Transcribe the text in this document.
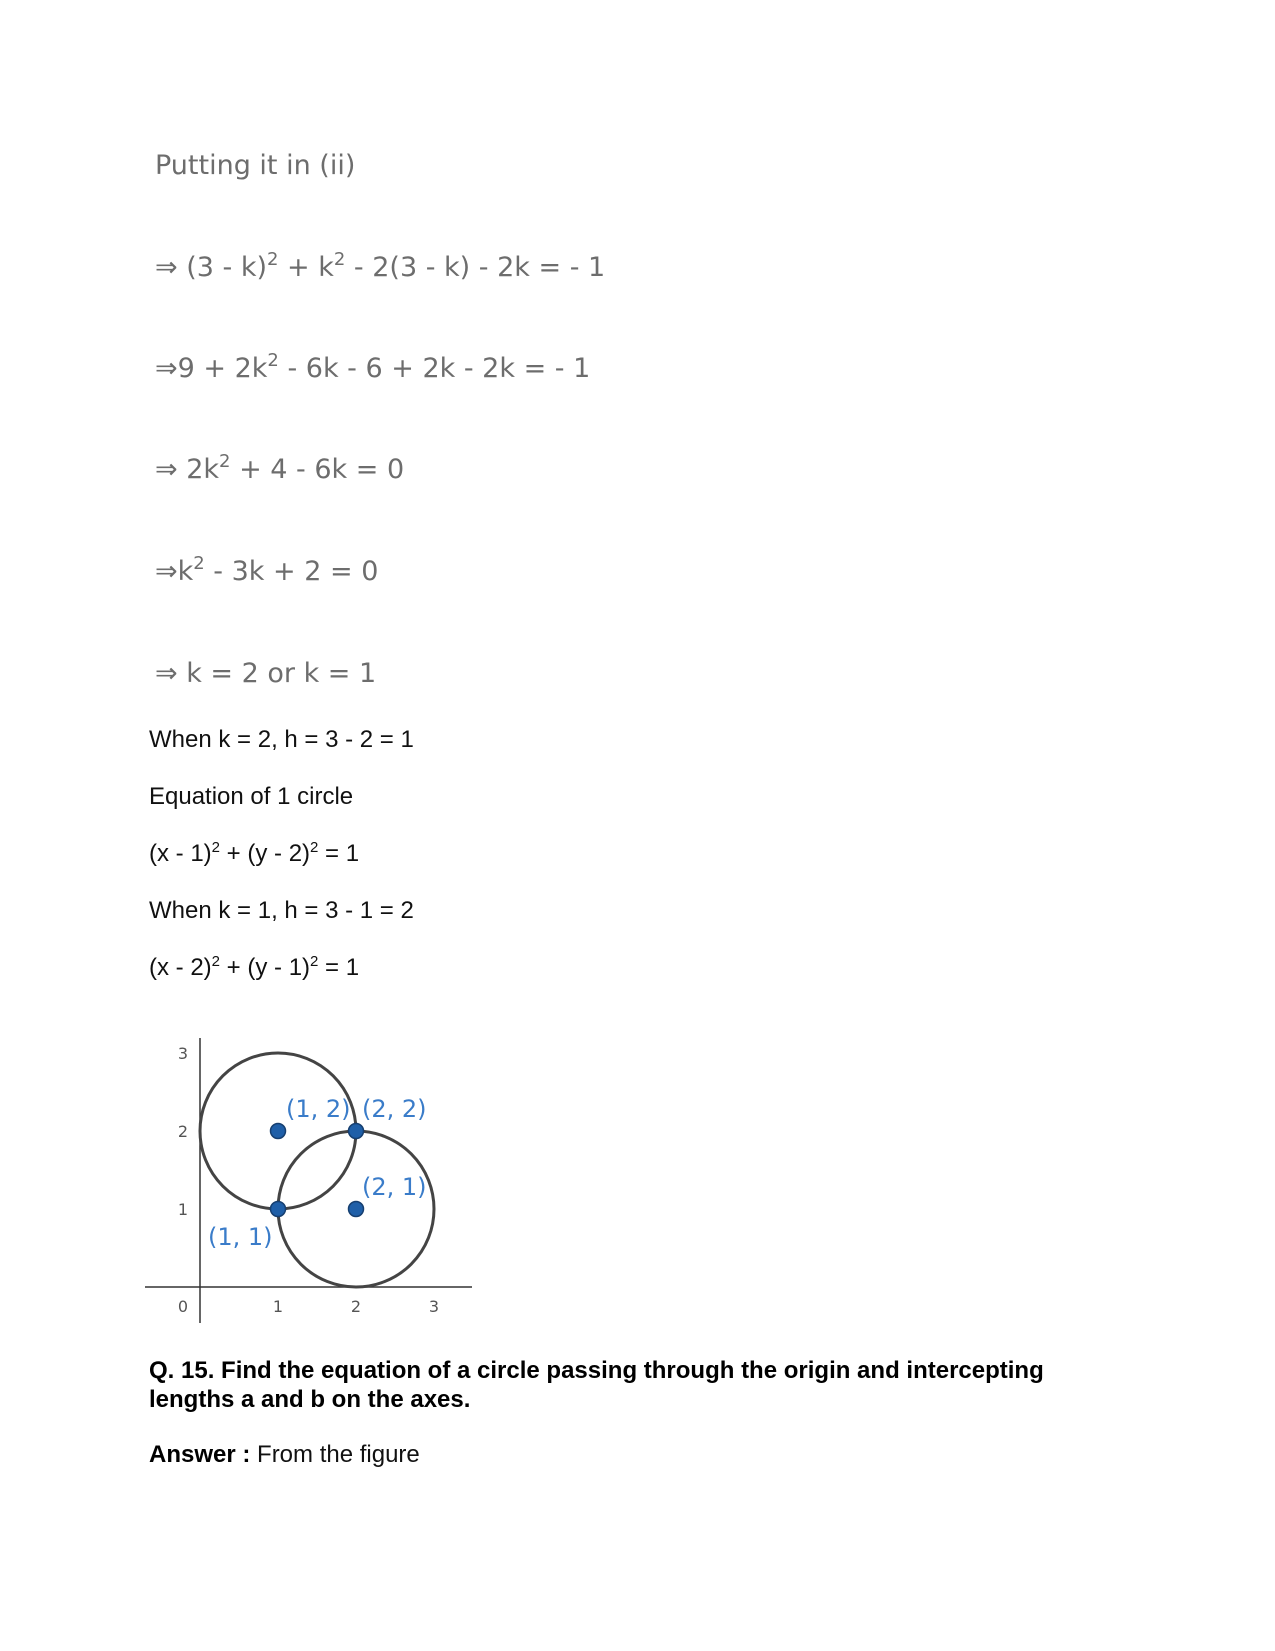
Putting it in (ii)
⇒ $(3 - k)^2 + k^2 - 2(3 - k) - 2k$ = - 1
⇒9 + $2k^2 - 6k - 6 + 2k - 2k$ = - 1
⇒ $2k^2 + 4 - 6k = 0$
$\Rightarrow k^2 - 3k + 2 = 0$
⇒ k = 2 or k = 1
When k = 2, h = 3 - 2 = 1
Equation of 1 circle
(x - 1)$^2$ + (y - 2)$^2$ = 1
When k = 1, h = 3 - 1 = 2
(x - 2)$^2$ + (y - 1)$^2$ = 1
0	1	2	3
1
2
3
(1, 2) (2, 2)
(2, 1)
(1, 1)
Q. 15. Find the equation of a circle passing through the origin and intercepting lengths a and b on the axes.
Answer : From the figure
